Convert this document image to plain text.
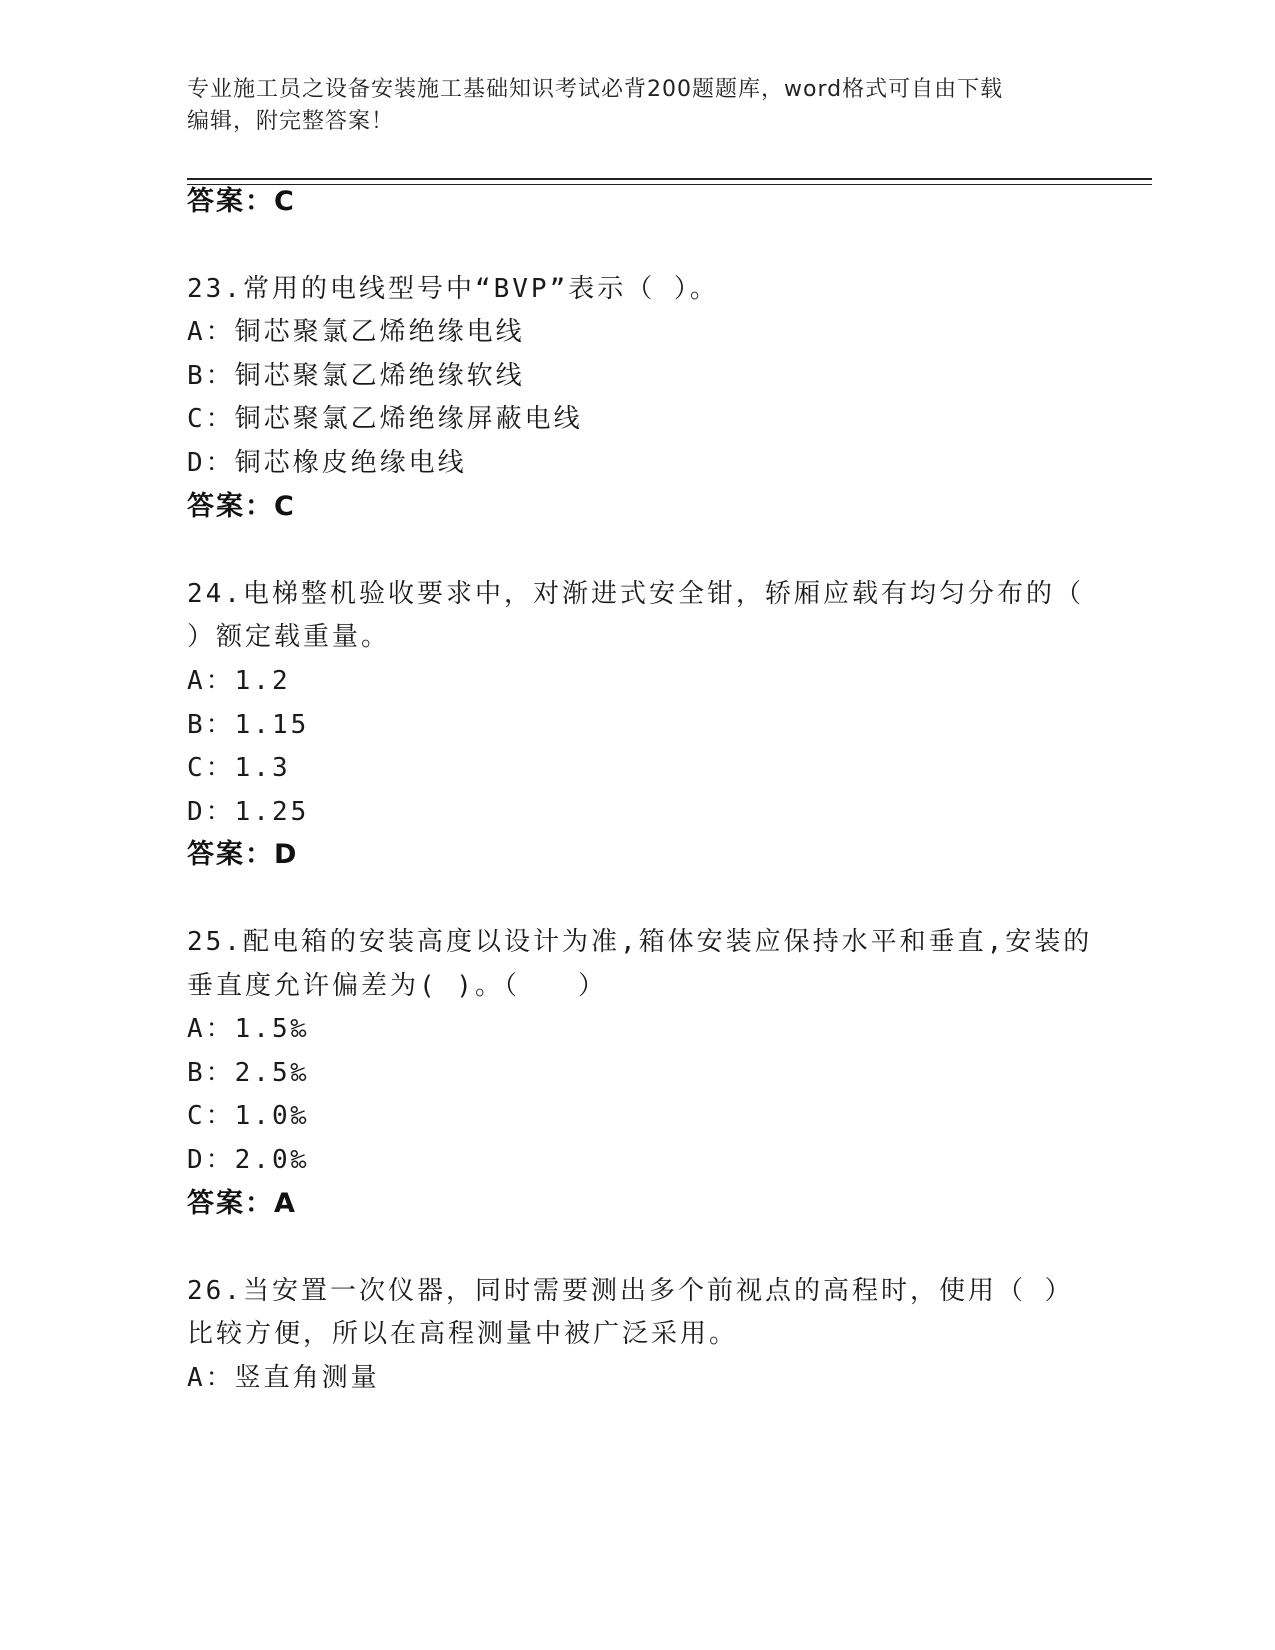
专业施工员之设备安装施工基础知识考试必背200题题库，word格式可自由下载
编辑，附完整答案！
答案：C
23.常用的电线型号中“BVP”表示（ ）。
A：铜芯聚氯乙烯绝缘电线
B：铜芯聚氯乙烯绝缘软线
C：铜芯聚氯乙烯绝缘屏蔽电线
D：铜芯橡皮绝缘电线
答案：C
24.电梯整机验收要求中，对渐进式安全钳，轿厢应载有均匀分布的（
）额定载重量。
A：1.2
B：1.15
C：1.3
D：1.25
答案：D
25.配电箱的安装高度以设计为准,箱体安装应保持水平和垂直,安装的
垂直度允许偏差为( )。（　　）
A：1.5‰
B：2.5‰
C：1.0‰
D：2.0‰
答案：A
26.当安置一次仪器，同时需要测出多个前视点的高程时，使用（ ）
比较方便，所以在高程测量中被广泛采用。
A：竖直角测量
